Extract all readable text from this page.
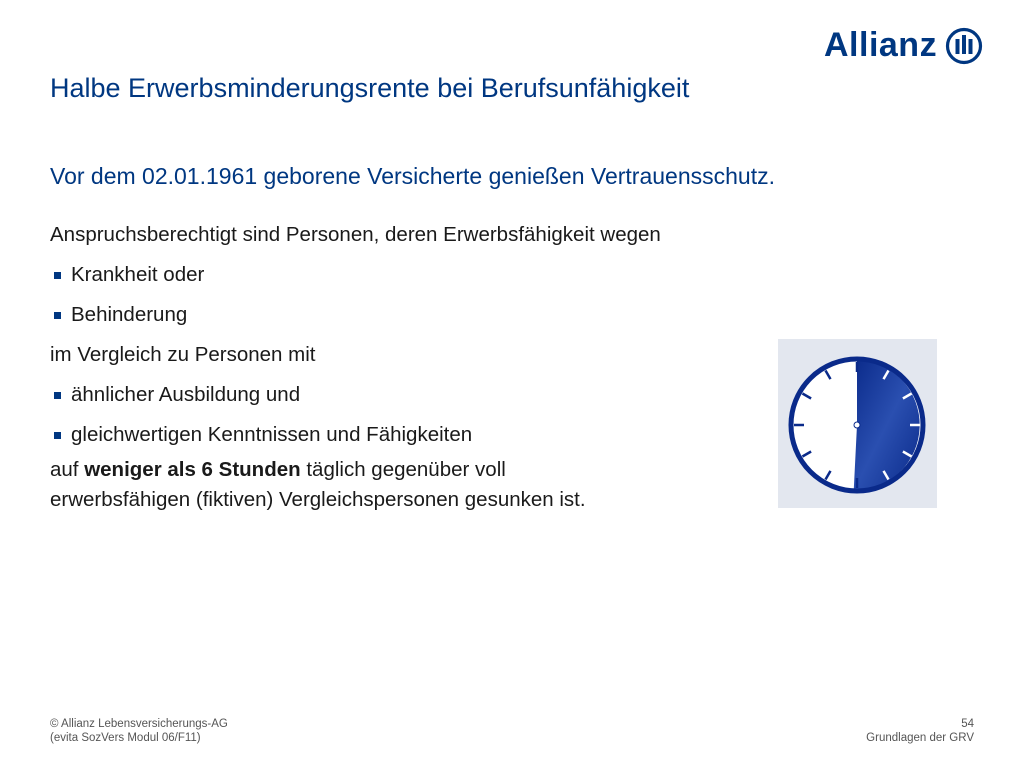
Allianz
Halbe Erwerbsminderungsrente bei Berufsunfähigkeit
Vor dem 02.01.1961 geborene Versicherte genießen Vertrauensschutz.
Anspruchsberechtigt sind Personen, deren Erwerbsfähigkeit wegen
Krankheit oder
Behinderung
im Vergleich zu Personen mit
ähnlicher Ausbildung und
gleichwertigen Kenntnissen und Fähigkeiten
auf weniger als 6 Stunden täglich gegenüber voll
erwerbsfähigen (fiktiven) Vergleichspersonen gesunken ist.
© Allianz Lebensversicherungs-AG
(evita SozVers Modul 06/F11)
54
Grundlagen der GRV
